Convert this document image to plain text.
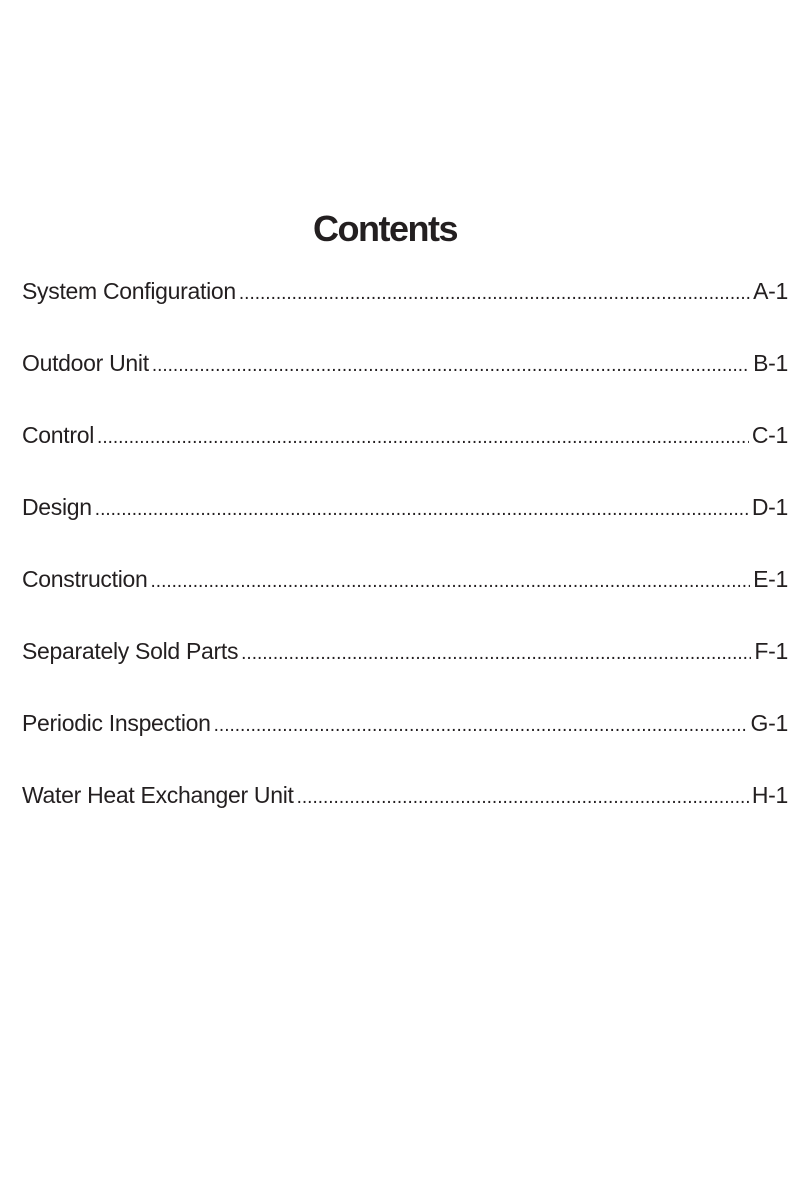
Contents
System Configuration .....	A-1
Outdoor Unit .....	B-1
Control .....	C-1
Design .....	D-1
Construction .....	E-1
Separately Sold Parts .....	F-1
Periodic Inspection .....	G-1
Water Heat Exchanger Unit .....	H-1
